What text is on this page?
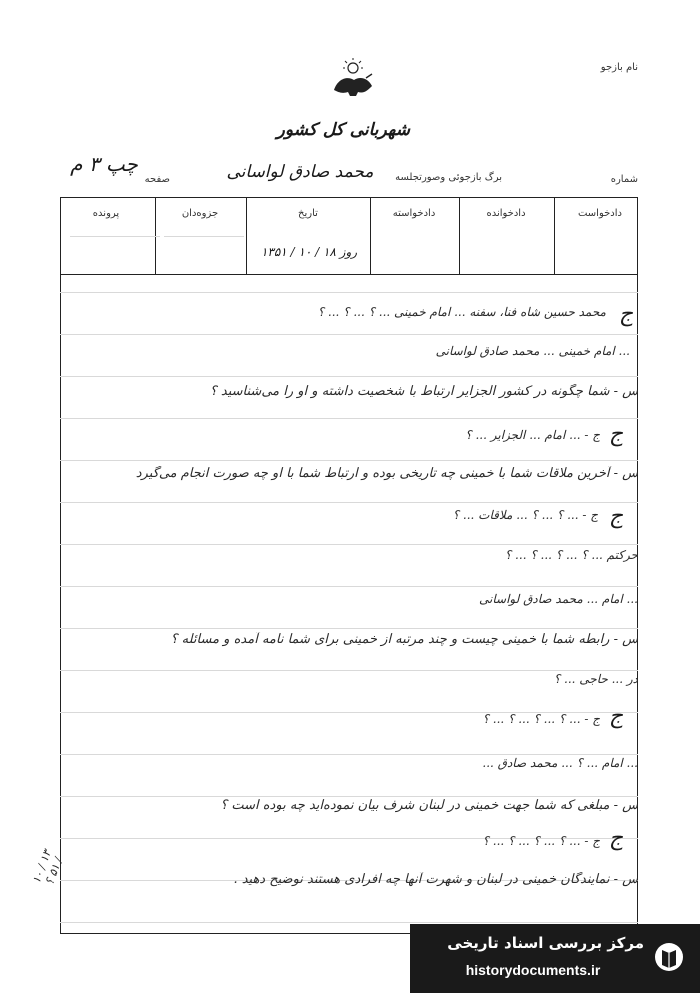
نام بازجو
شهربانی کل کشور
شماره
برگ بازجوئی وصورتجلسه
محمد صادق لواسانی
صفحه
چپ ۳ م
دادخواست
دادخوانده
دادخواسته
تاریخ
جزوه‌دان
پرونده
روز ۱۸ / ۱۰ / ۱۳۵۱
ج
محمد حسین شاه فنا، سفنه ... امام خمینی ... ؟ ... ؟ ... ؟
... امام خمینی ... محمد صادق لواسانی
س - شما چگونه در کشور الجزایر ارتباط با شخصیت داشته و او را می‌شناسید ؟
ج
ج - ... امام ... الجزایر ... ؟
س - آخرین ملاقات شما با خمینی چه تاریخی بوده و ارتباط شما با او چه صورت انجام می‌گیرد
ج
ج - ... ؟ ... ؟ ... ملاقات ... ؟
حرکتم ... ؟ ... ؟ ... ؟ ... ؟
... امام ... محمد صادق لواسانی
س - رابطه شما با خمینی چیست و چند مرتبه از خمینی برای شما نامه آمده و مسائله ؟
در ... حاجی ... ؟
ج
ج - ... ؟ ... ؟ ... ؟ ... ؟
... امام ... ؟ ... محمد صادق ...
س - مبلغی که شما جهت خمینی در لبنان شرف بیان نموده‌اید چه بوده است ؟
ج
ج - ... ؟ ... ؟ ... ؟ ... ؟
س - نمایندگان خمینی در لبنان و شهرت آنها چه افرادی هستند نوضیح دهید .
۱۳ / ۱۰ / ۵۱ ؟
مرکز بررسی اسناد تاریخی
historydocuments.ir
